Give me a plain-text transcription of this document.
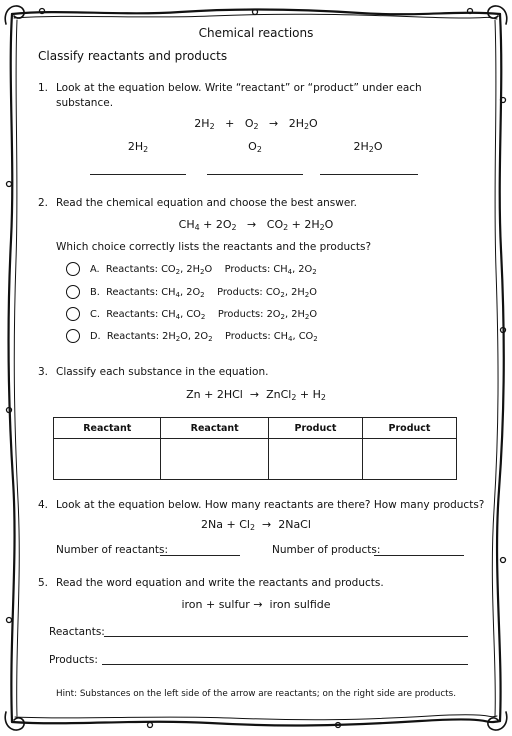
Chemical reactions
Classify reactants and products
1. Look at the equation below. Write “reactant” or “product” under each
substance.
$2H_2 + O_2 \to 2H_2O$
$2H_2$	$O_2$	$2H_2O$
2. Read the chemical equation and choose the best answer.
$CH_4 + 2O_2 \to CO_2 + 2H_2O$
Which choice correctly lists the reactants and the products?
A. Reactants: $CO_2$, $2H_2O$ Products: $CH_4$, $2O_2$
B. Reactants: $CH_4$, $2O_2$ Products: $CO_2$, $2H_2O$
C. Reactants: $CH_4$, $CO_2$ Products: $2O_2$, $2H_2O$
D. Reactants: $2H_2O$, $2O_2$ Products: $CH_4$, $CO_2$
3. Classify each substance in the equation.
Zn + 2HCl → ZnCl$_2$ + $H_2$
Reactant	Reactant	Product	Product

4. Look at the equation below. How many reactants are there? How many products?
$2Na + Cl_2$ → 2NaCl
Number of reactants:	Number of products:
5. Read the word equation and write the reactants and products.
iron + sulfur → iron sulfide
Reactants:
Products:
Hint: Substances on the left side of the arrow are reactants; on the right side are products.
